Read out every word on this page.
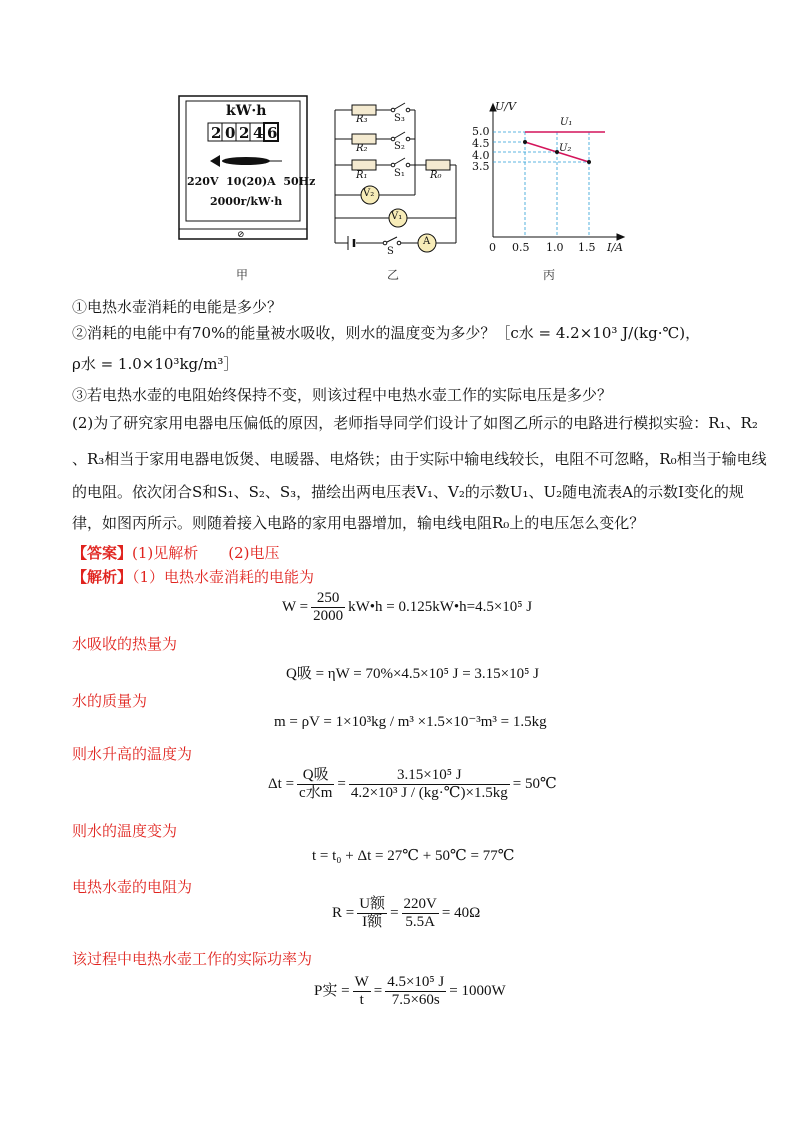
kW·h
2 0 2 4 6
220V  10(20)A  50Hz
2000r/kW·h
⊘
甲
R₃	S₃
R₂	S₂
R₁	S₁	R₀
V₂
V₁
A
S
乙
U/V
I/A
5.0
4.5
4.0
3.5
0 0.5 1.0 1.5
U₁
U₂
丙
①电热水壶消耗的电能是多少？
②消耗的电能中有70%的能量被水吸收，则水的温度变为多少？［c水 = 4.2×10³ J/(kg·℃)，
ρ水 = 1.0×10³kg/m³］
③若电热水壶的电阻始终保持不变，则该过程中电热水壶工作的实际电压是多少？
(2)为了研究家用电器电压偏低的原因，老师指导同学们设计了如图乙所示的电路进行模拟实验：R₁、R₂
、R₃相当于家用电器电饭煲、电暖器、电烙铁；由于实际中输电线较长，电阻不可忽略，R₀相当于输电线
的电阻。依次闭合S和S₁、S₂、S₃，描绘出两电压表V₁、V₂的示数U₁、U₂随电流表A的示数I变化的规
律，如图丙所示。则随着接入电路的家用电器增加，输电线电阻R₀上的电压怎么变化？
【答案】(1)见解析　　(2)电压
【解析】（1）电热水壶消耗的电能为
$W = \frac{250}{2000}$ kW•h = 0.125kW•h=4.5×10⁵ J
水吸收的热量为
Q吸 = ηW = 70%×4.5×10⁵ J = 3.15×10⁵ J
水的质量为
m = ρV = 1×10³kg / m³ ×1.5×10⁻³m³ = 1.5kg
则水升高的温度为
$\Delta t = \frac{\text{Q吸}}{\text{c水m}} = \frac{\text{3.15×10⁵ J}}{\text{4.2×10³ J / (kg·℃)×1.5kg}}$ = 50℃
则水的温度变为
t = t₀ + Δt = 27℃ + 50℃ = 77℃
电热水壶的电阻为
$R = \frac{\text{U额}}{\text{I额}} = \frac{220V}{5.5A} = 40\Omega$
该过程中电热水壶工作的实际功率为
P实 = $\frac{W}{t} = \frac{\text{4.5×10⁵ J}}{7.5\times 60s} = 1000W$
